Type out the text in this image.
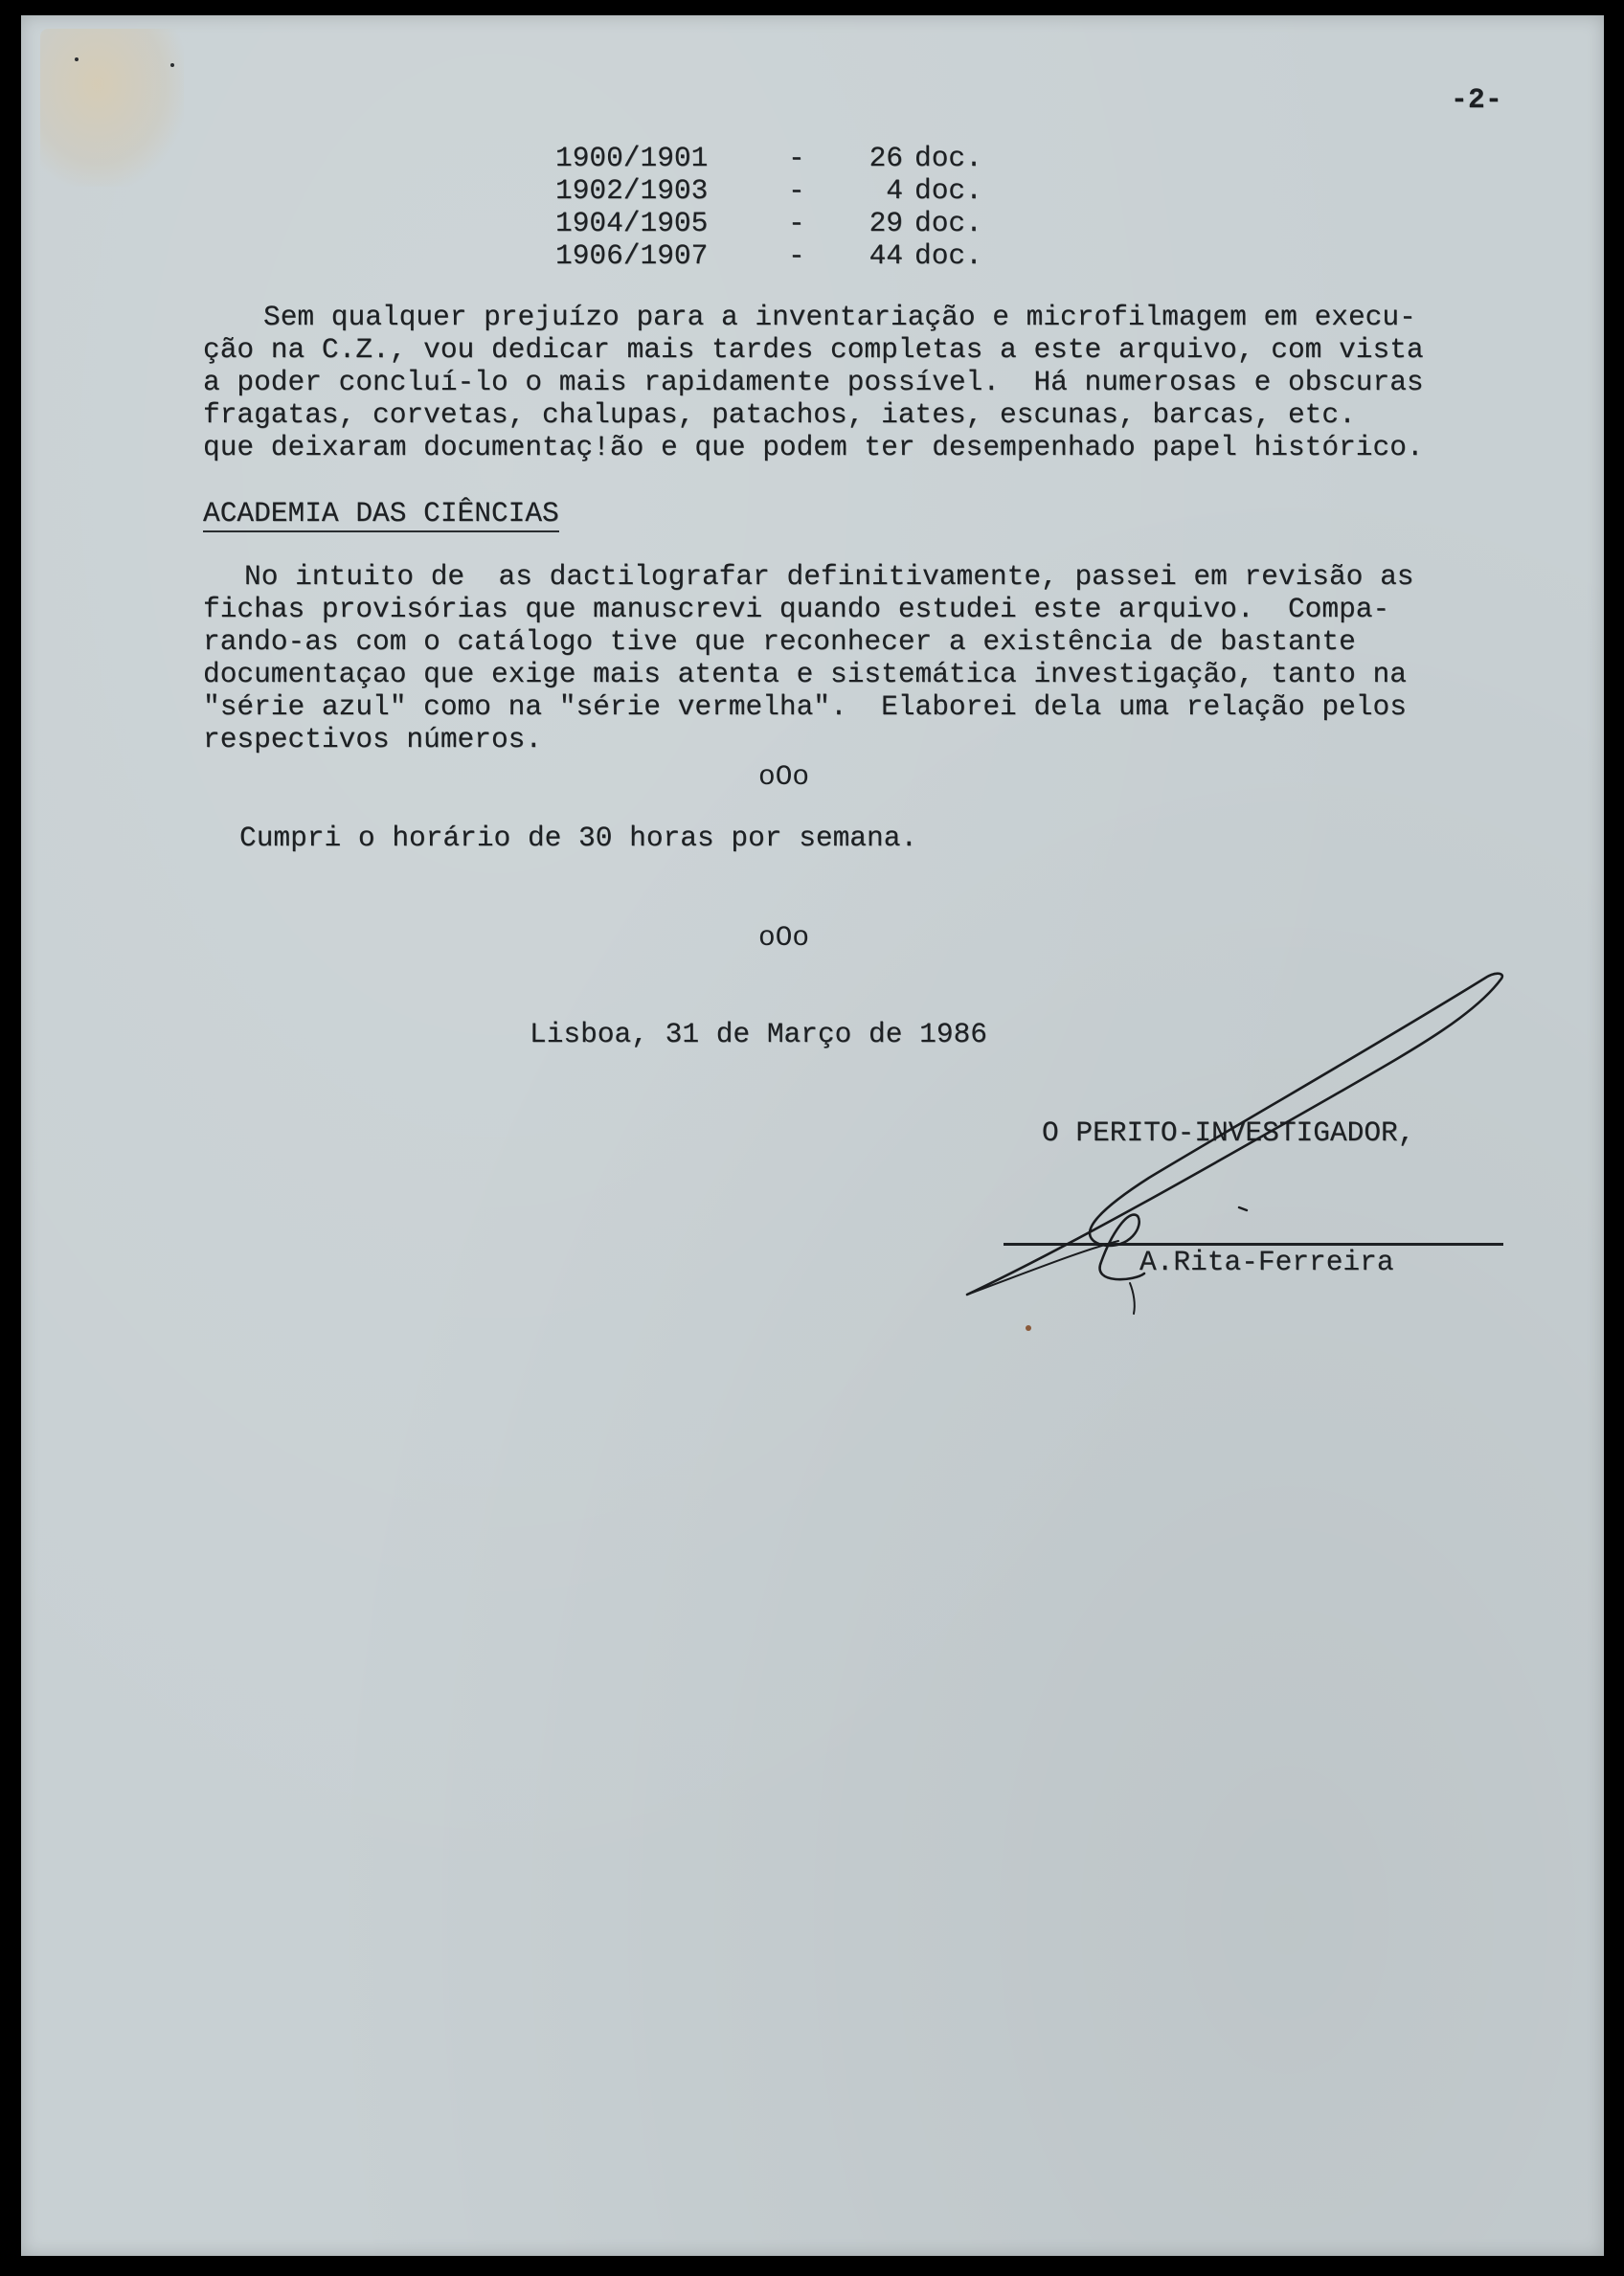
-2-
1900/1901	-	26 doc.
1902/1903	-	4 doc.
1904/1905	-	29 doc.
1906/1907	-	44 doc.
Sem qualquer prejuízo para a inventariação e microfilmagem em execu-
ção na C.Z., vou dedicar mais tardes completas a este arquivo, com vista
a poder concluí-lo o mais rapidamente possível.  Há numerosas e obscuras
fragatas, corvetas, chalupas, patachos, iates, escunas, barcas, etc.
que deixaram documentaç!ão e que podem ter desempenhado papel histórico.
ACADEMIA DAS CIÊNCIAS
No intuito de  as dactilografar definitivamente, passei em revisão as
fichas provisórias que manuscrevi quando estudei este arquivo.  Compa-
rando-as com o catálogo tive que reconhecer a existência de bastante
documentaçao que exige mais atenta e sistemática investigação, tanto na
"série azul" como na "série vermelha".  Elaborei dela uma relação pelos
respectivos números.
oOo
Cumpri o horário de 30 horas por semana.
oOo
Lisboa, 31 de Março de 1986
O PERITO-INVESTIGADOR,
A.Rita-Ferreira
